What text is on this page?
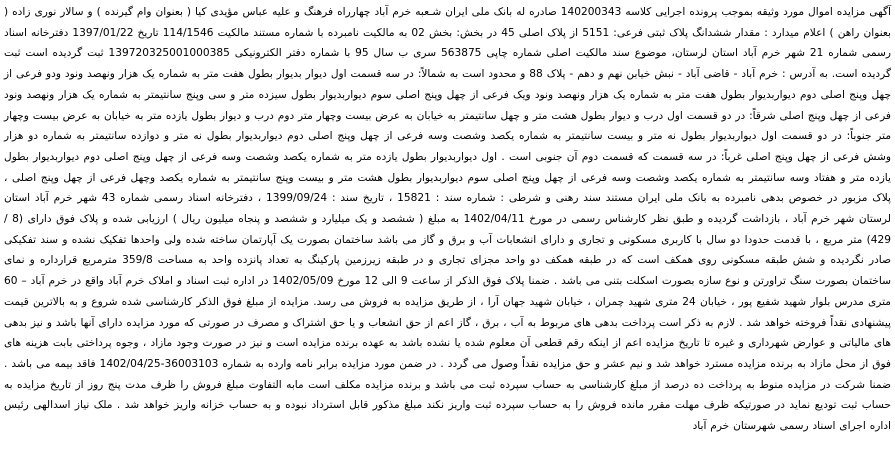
آگهی مزایده اموال مورد وثیقه بموجب پرونده اجرایی کلاسه 140200343 صادره له بانک ملی ایران شـعبه خرم آباد چهارراه فرهنگ و علیه عباس مؤیدی کیا ( بعنوان وام گیرنده ) و سالار نوری زاده ( بعنوان راهن ) اعلام میدارد : مقدار ششدانگ پلاک ثبتی فرعی: 5151 از پلاک اصلی 45 در بخش: بخش 02 به مالکیت نامبرده با شماره مستند مالکیت 114/1546 تاریخ 1397/01/22 دفترخانه اسناد رسمی شماره 21 شهر خرم آباد استان لرستان، موضوع سند مالکیت اصلی شماره چاپی 563875 سری ب سال 95 با شماره دفتر الکترونیکی 139720325001000385 ثبت گردیده است ثبت گردیده است. به آدرس : خرم آباد - قاضی آباد - نبش خیابن نهم و دهم - پلاک 88 و محدود است به شمالاً: در سه قسمت اول دیوار بدیوار بطول هفت متر به شماره یک هزار ونهصد ونود ودو فرعی از چهل وپنج اصلی دوم دیواربدیوار بطول هفت متر به شماره یک هزار ونهصد ونود ویک فرعی از چهل وپنج اصلی سوم دیواربدیوار بطول سیزده متر و سی وپنج سانتیمتر به شماره یک هزار ونهصد ونود فرعی از چهل وپنج اصلی شرقاً: در دو قسمت اول درب و دیوار بطول هشت متر و چهل سانتیمتر به خیابان به عرض بیست وچهار متر دوم درب و دیوار بطول یازده متر به خیابان به عرض بیست وچهار متر جنوباً: در دو قسمت اول دیواربدیوار بطول نه متر و بیست سانتیمتر به شماره یکصد وشصت وسه فرعی از چهل وپنج اصلی دوم دیواربدیوار بطول نه متر و دوازده سانتیمتر به شماره دو هزار وشش فرعی از چهل وپنج اصلی غرباً: در سه قسمت که قسمت دوم آن جنوبی است . اول دیواربدیوار بطول یازده متر به شماره یکصد وشصت وسه فرعی از چهل وپنج اصلی دوم دیواربدیوار بطول یازده متر و هفتاد وسه سانتیمتر به شماره یکصد وشصت وسه فرعی از چهل وپنج اصلی سوم دیواربدیوار بطول هشت متر و بیست وپنج سانتیمتر به شماره یکصد وچهل فرعی از چهل وپنج اصلی ، پلاک مزبور در خصوص بدهی نامبرده به بانک ملی ایران مستند سند رهنی و شرطی : شماره سند : 15821 ، تاریخ سند : 1399/09/24 ، دفترخانه اسناد رسمی شماره 43 شهر خرم آباد استان لرستان شهر خرم آباد ، بازداشت گردیده و طبق نظر کارشناس رسمی در مورخ 1402/04/11 به مبلغ ( ششصد و یک میلیارد و ششصد و پنجاه میلیون ریال ) ارزیابی شده و پلاک فوق دارای (8 / 429) متر مربع ، با قدمت حدودا دو سال با کاربری مسکونی و تجاری و دارای انشعابات آب و برق و گاز می باشد ساختمان بصورت یک آپارتمان ساخته شده ولی واحدها تفکیک نشده و سند تفکیکی صادر نگردیده و شش طبقه مسکونی روی همکف است که در طبقه همکف دو واحد مجزای تجاری و در طبقه زیرزمین پارکینگ به تعداد پانزده واحد به مساحت 359/8 مترمربع قرارداره و نمای ساختمان بصورت سنگ تراورتن و نوع سازه بصورت اسکلت بتنی می باشد . ضمنا پلاک فوق الذکر از ساعت 9 الی 12 مورخ 1402/05/09 در اداره ثبت اسناد و املاک خرم آباد واقع در خرم آباد – 60 متری مدرس بلوار شهید شفیع پور ، خیابان 24 متری شهید چمران ، خیابان شهید جهان آرا ، از طریق مزایده به فروش می رسد. مزایده از مبلغ فوق الذکر کارشناسی شده شروع و به بالاترین قیمت پیشنهادی نقداً فروخته خواهد شد . لازم به ذکر است پرداخت بدهی های مربوط به آب ، برق ، گاز اعم از حق انشعاب و یا حق اشتراک و مصرف در صورتی که مورد مزایده دارای آنها باشد و نیز بدهی های مالیاتی و عوارض شهرداری و غیره تا تاریخ مزایده اعم از اینکه رقم قطعی آن معلوم شده یا نشده باشد به عهده برنده مزایده است و نیز در صورت وجود مازاد ، وجوه پرداختی بابت هزینه های فوق از محل مازاد به برنده مزایده مسترد خواهد شد و نیم عشر و حق مزایده نقداً وصول می گردد . در ضمن مورد مزایده برابر نامه وارده به شماره 36003103-1402/04/25 فاقد بیمه می باشد . ضمنا شرکت در مزایده منوط به پرداخت ده درصد از مبلغ کارشناسی به حساب سپرده ثبت می باشد و برنده مزایده مکلف است مابه التفاوت مبلغ فروش را ظرف مدت پنج روز از تاریخ مزایده به حساب ثبت تودیع نماید در صورتیکه ظرف مهلت مقرر مانده فروش را به حساب سپرده ثبت واریز نکند مبلغ مذکور قابل استرداد نبوده و به حساب خزانه واریز خواهد شد . ملک نیاز اسدالهی رئیس اداره اجرای اسناد رسمی شهرستان خرم آباد
